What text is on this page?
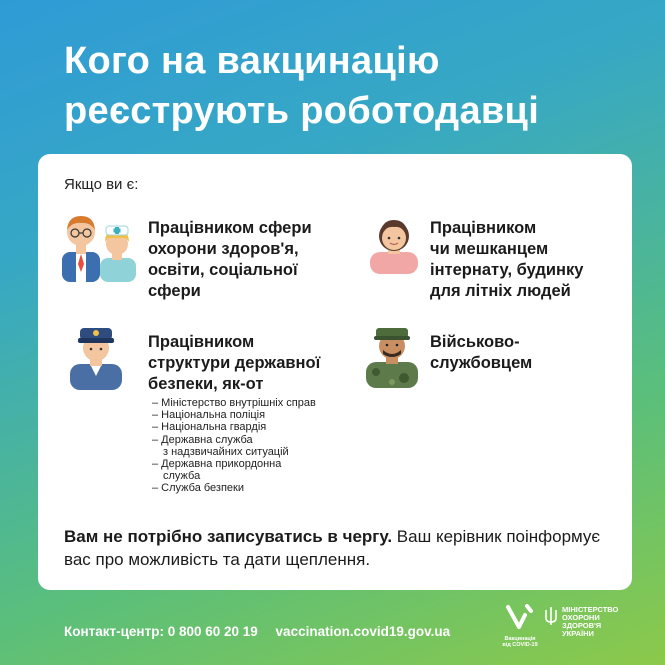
Кого на вакцинацію
реєструють роботодавці
Якщо ви є:
Працівником сфери
охорони здоров'я,
освіти, соціальної
сфери
Працівником
чи мешканцем
інтернату, будинку
для літніх людей
Працівником
структури державної
безпеки, як-от
– Міністерство внутрішніх справ
– Національна поліція
– Національна гвардія
– Державна служба
з надзвичайних ситуацій
– Державна прикордонна
служба
– Служба безпеки
Військово-
службовцем
Вам не потрібно записуватись в чергу. Ваш керівник поінформує вас про можливість та дати щеплення.
Контакт-центр: 0 800 60 20 19 vaccination.covid19.gov.ua	Вакцинація
від COVID-19
МІНІСТЕРСТВО
ОХОРОНИ
ЗДОРОВ'Я
УКРАЇНИ
